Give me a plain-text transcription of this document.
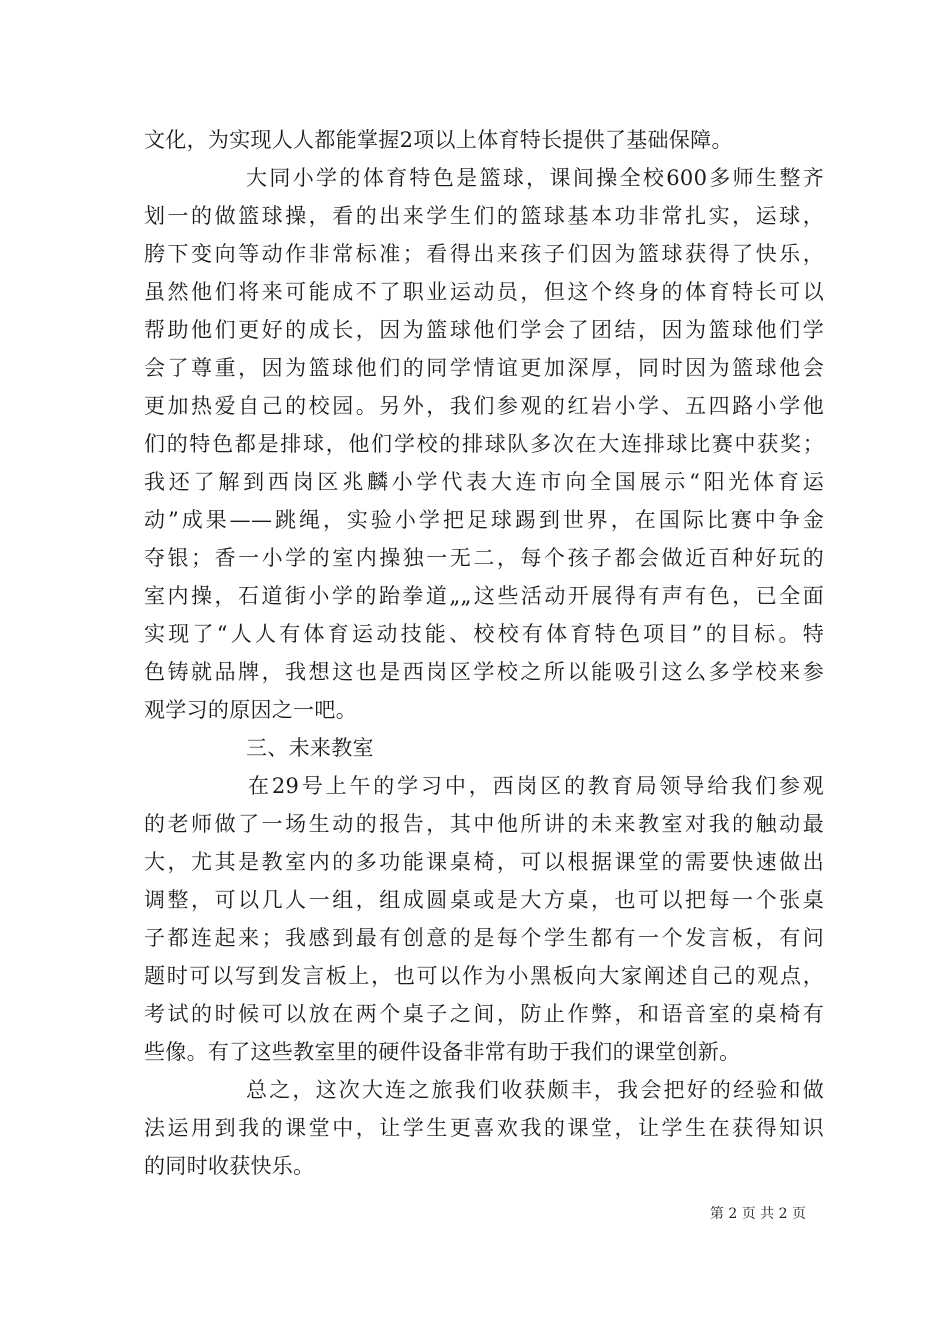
文化，为实现人人都能掌握2项以上体育特长提供了基础保障。
大同小学的体育特色是篮球，课间操全校600多师生整齐
划一的做篮球操，看的出来学生们的篮球基本功非常扎实，运球，
胯下变向等动作非常标准；看得出来孩子们因为篮球获得了快乐，
虽然他们将来可能成不了职业运动员，但这个终身的体育特长可以
帮助他们更好的成长，因为篮球他们学会了团结，因为篮球他们学
会了尊重，因为篮球他们的同学情谊更加深厚，同时因为篮球他会
更加热爱自己的校园。另外，我们参观的红岩小学、五四路小学他
们的特色都是排球，他们学校的排球队多次在大连排球比赛中获奖；
我还了解到西岗区兆麟小学代表大连市向全国展示“阳光体育运
动”成果——跳绳，实验小学把足球踢到世界，在国际比赛中争金
夺银；香一小学的室内操独一无二，每个孩子都会做近百种好玩的
室内操，石道街小学的跆拳道„„这些活动开展得有声有色，已全面
实现了“人人有体育运动技能、校校有体育特色项目”的目标。特
色铸就品牌，我想这也是西岗区学校之所以能吸引这么多学校来参
观学习的原因之一吧。
三、未来教室
在29号上午的学习中，西岗区的教育局领导给我们参观
的老师做了一场生动的报告，其中他所讲的未来教室对我的触动最
大，尤其是教室内的多功能课桌椅，可以根据课堂的需要快速做出
调整，可以几人一组，组成圆桌或是大方桌，也可以把每一个张桌
子都连起来；我感到最有创意的是每个学生都有一个发言板，有问
题时可以写到发言板上，也可以作为小黑板向大家阐述自己的观点，
考试的时候可以放在两个桌子之间，防止作弊，和语音室的桌椅有
些像。有了这些教室里的硬件设备非常有助于我们的课堂创新。
总之，这次大连之旅我们收获颇丰，我会把好的经验和做
法运用到我的课堂中，让学生更喜欢我的课堂，让学生在获得知识
的同时收获快乐。
第 2 页 共 2 页
